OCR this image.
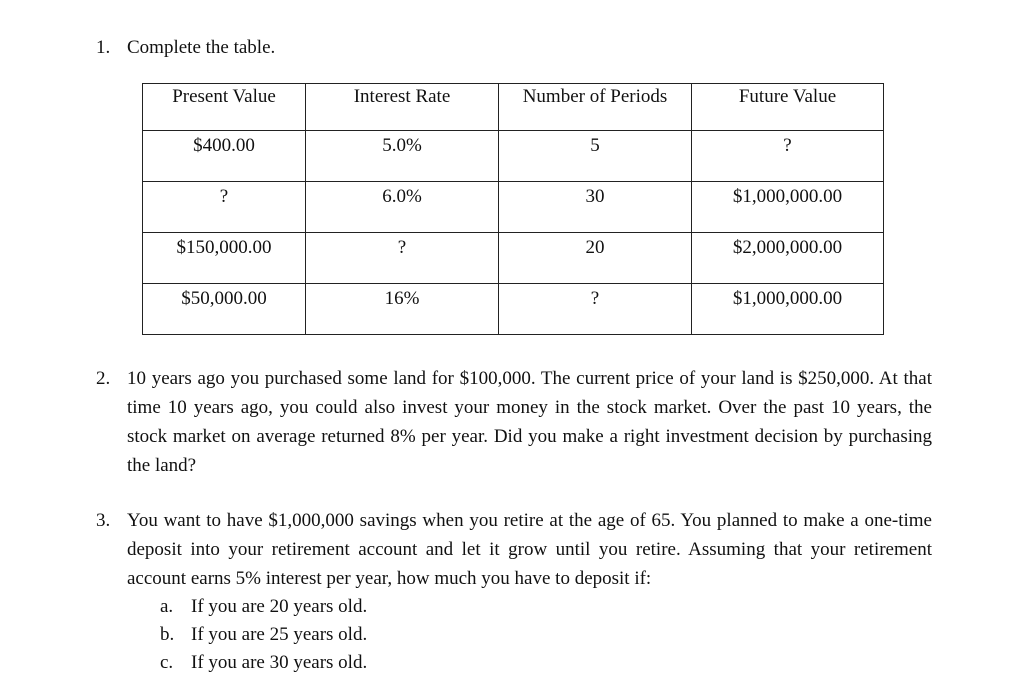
1. Complete the table.
Present Value	Interest Rate	Number of Periods	Future Value
$400.00	5.0%	5	?
?	6.0%	30	$1,000,000.00
$150,000.00	?	20	$2,000,000.00
$50,000.00	16%	?	$1,000,000.00
2. 10 years ago you purchased some land for $100,000. The current price of your land is $250,000. At that time 10 years ago, you could also invest your money in the stock market. Over the past 10 years, the stock market on average returned 8% per year. Did you make a right investment decision by purchasing the land?
3. You want to have $1,000,000 savings when you retire at the age of 65. You planned to make a one-time deposit into your retirement account and let it grow until you retire. Assuming that your retirement account earns 5% interest per year, how much you have to deposit if:
a. If you are 20 years old.
b. If you are 25 years old.
c. If you are 30 years old.
